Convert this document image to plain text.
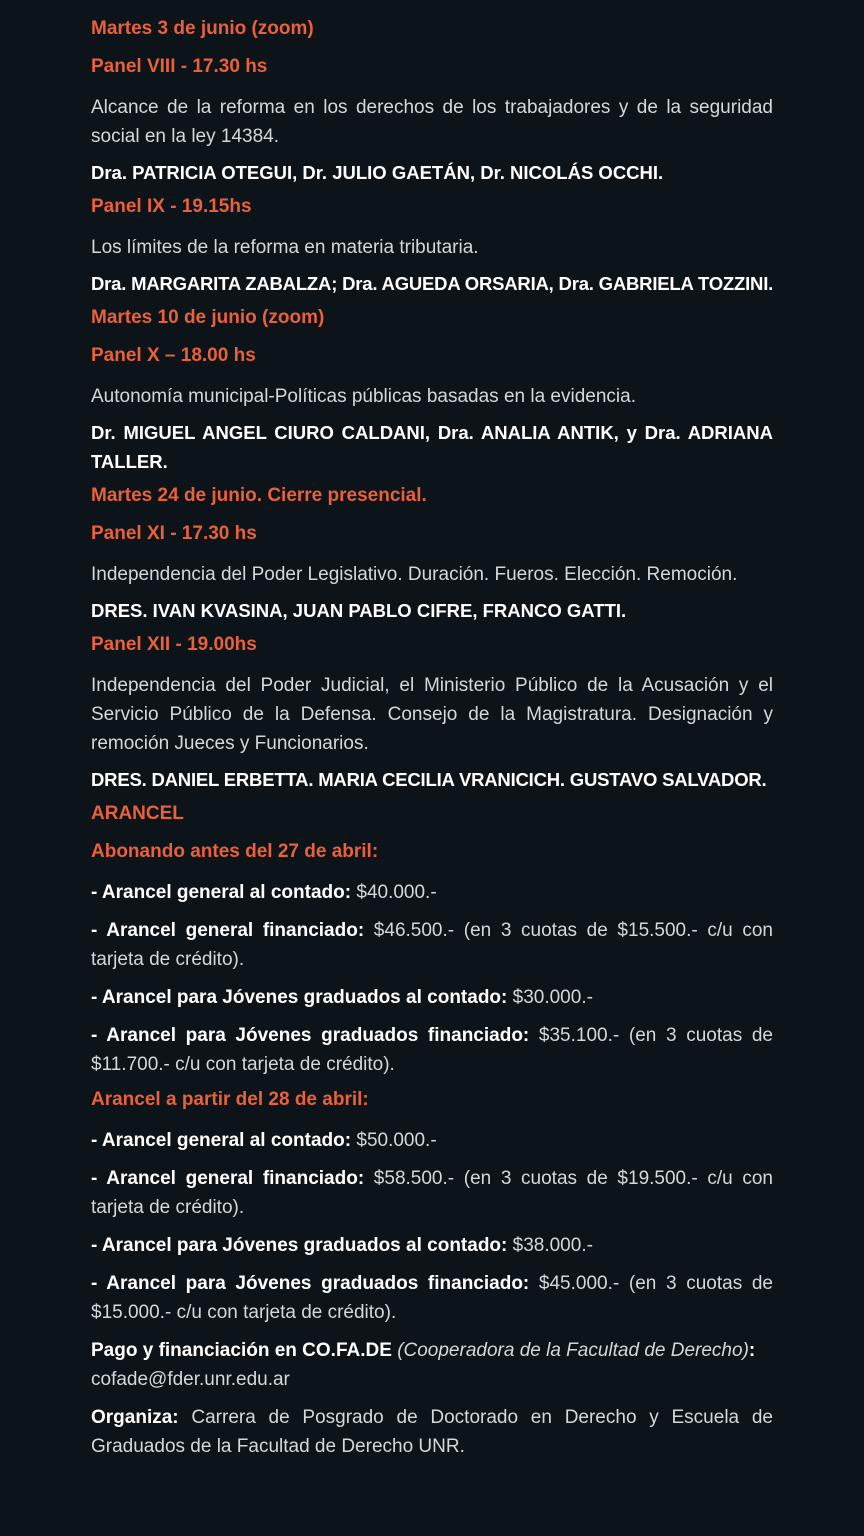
Martes 3 de junio (zoom)
Panel VIII - 17.30 hs
Alcance de la reforma en los derechos de los trabajadores y de la seguridad social en la ley 14384.
Dra. PATRICIA OTEGUI, Dr. JULIO GAETÁN, Dr. NICOLÁS OCCHI.
Panel IX - 19.15hs
Los límites de la reforma en materia tributaria.
Dra. MARGARITA ZABALZA; Dra. AGUEDA ORSARIA, Dra. GABRIELA TOZZINI.
Martes 10 de junio (zoom)
Panel X – 18.00 hs
Autonomía municipal-Políticas públicas basadas en la evidencia.
Dr. MIGUEL ANGEL CIURO CALDANI, Dra. ANALIA ANTIK, y Dra. ADRIANA TALLER.
Martes 24 de junio. Cierre presencial.
Panel XI - 17.30 hs
Independencia del Poder Legislativo. Duración. Fueros. Elección. Remoción.
DRES. IVAN KVASINA, JUAN PABLO CIFRE, FRANCO GATTI.
Panel XII - 19.00hs
Independencia del Poder Judicial, el Ministerio Público de la Acusación y el Servicio Público de la Defensa. Consejo de la Magistratura. Designación y remoción Jueces y Funcionarios.
DRES. DANIEL ERBETTA. MARIA CECILIA VRANICICH. GUSTAVO SALVADOR.
ARANCEL
Abonando antes del 27 de abril:
- Arancel general al contado: $40.000.-
- Arancel general financiado: $46.500.- (en 3 cuotas de $15.500.- c/u con tarjeta de crédito).
- Arancel para Jóvenes graduados al contado: $30.000.-
- Arancel para Jóvenes graduados financiado: $35.100.- (en 3 cuotas de $11.700.- c/u con tarjeta de crédito).
Arancel a partir del 28 de abril:
- Arancel general al contado: $50.000.-
- Arancel general financiado: $58.500.- (en 3 cuotas de $19.500.- c/u con tarjeta de crédito).
- Arancel para Jóvenes graduados al contado: $38.000.-
- Arancel para Jóvenes graduados financiado: $45.000.- (en 3 cuotas de $15.000.- c/u con tarjeta de crédito).
Pago y financiación en CO.FA.DE (Cooperadora de la Facultad de Derecho):
cofade@fder.unr.edu.ar
Organiza: Carrera de Posgrado de Doctorado en Derecho y Escuela de Graduados de la Facultad de Derecho UNR.
